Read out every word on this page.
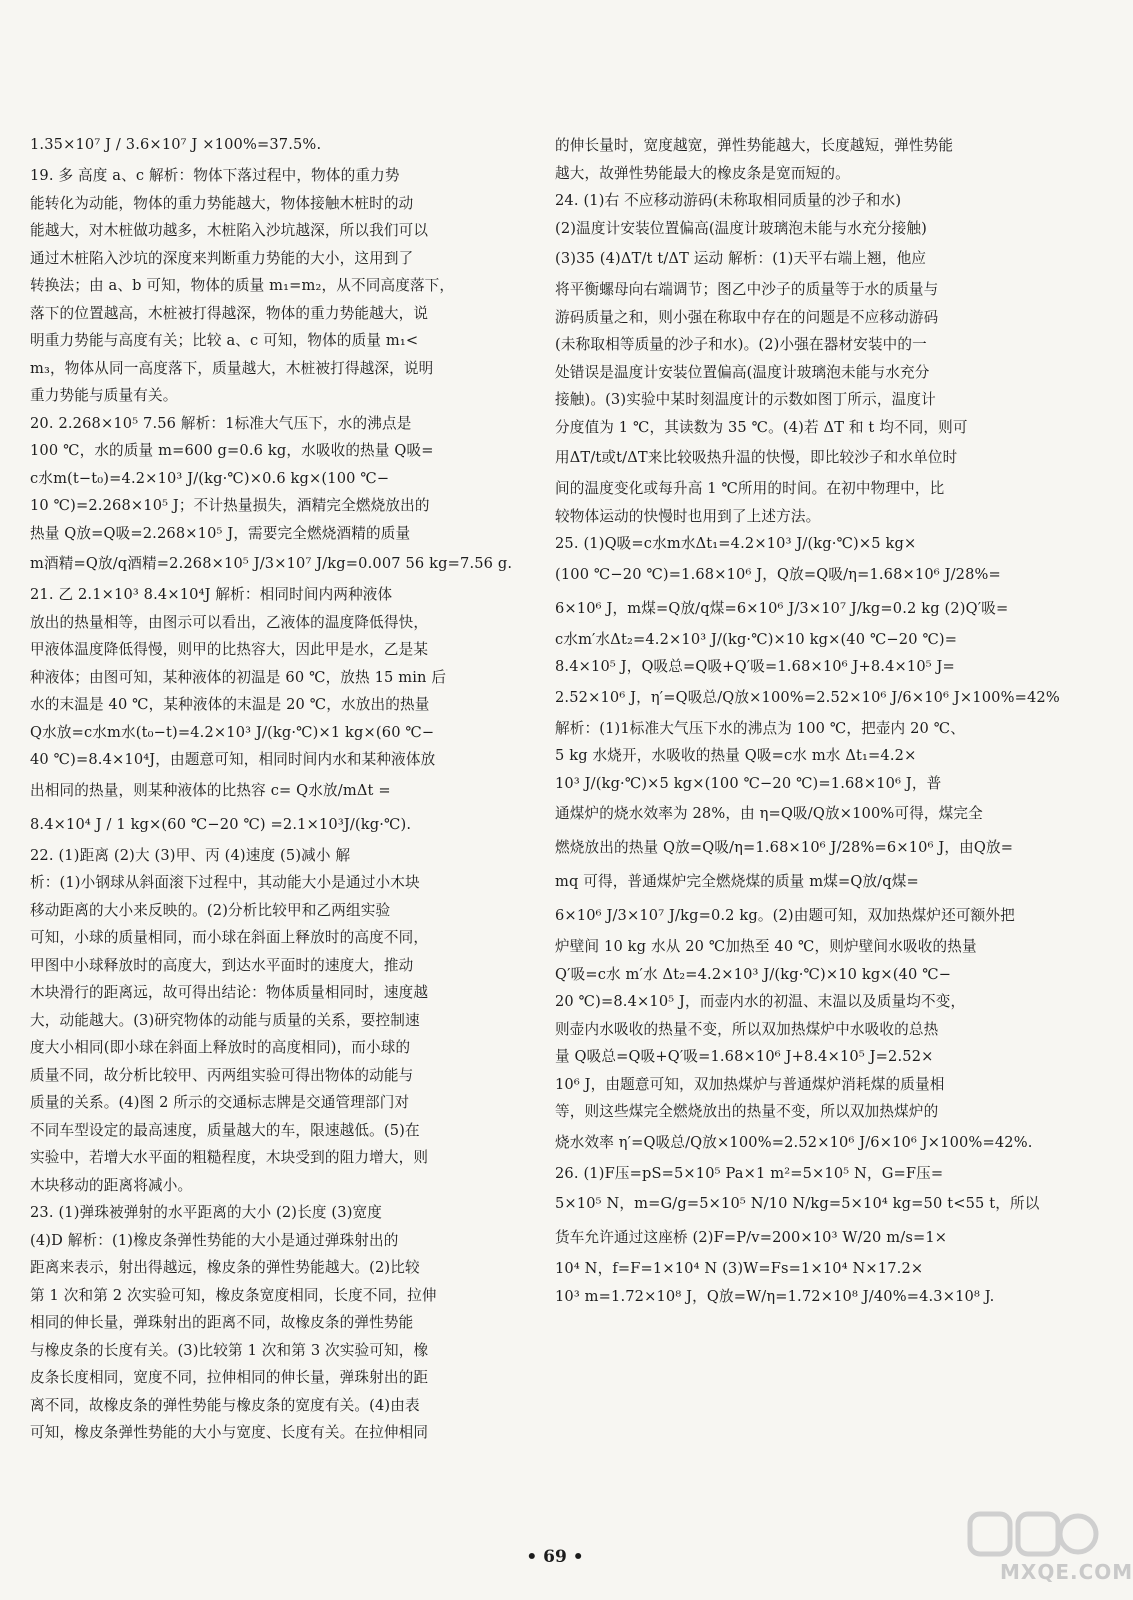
1.35×10⁷ J / 3.6×10⁷ J ×100%=37.5%.
19. 多 高度 a、c 解析：物体下落过程中，物体的重力势
能转化为动能，物体的重力势能越大，物体接触木桩时的动
能越大，对木桩做功越多，木桩陷入沙坑越深，所以我们可以
通过木桩陷入沙坑的深度来判断重力势能的大小，这用到了
转换法；由 a、b 可知，物体的质量 m₁=m₂，从不同高度落下，
落下的位置越高，木桩被打得越深，物体的重力势能越大，说
明重力势能与高度有关；比较 a、c 可知，物体的质量 m₁<
m₃，物体从同一高度落下，质量越大，木桩被打得越深，说明
重力势能与质量有关。
20. 2.268×10⁵ 7.56 解析：1标准大气压下，水的沸点是
100 ℃，水的质量 m=600 g=0.6 kg，水吸收的热量 Q吸=
c水m(t−t₀)=4.2×10³ J/(kg·℃)×0.6 kg×(100 ℃−
10 ℃)=2.268×10⁵ J；不计热量损失，酒精完全燃烧放出的
热量 Q放=Q吸=2.268×10⁵ J，需要完全燃烧酒精的质量
m酒精=Q放/q酒精=2.268×10⁵ J/3×10⁷ J/kg=0.007 56 kg=7.56 g.
21. 乙 2.1×10³ 8.4×10⁴J 解析：相同时间内两种液体
放出的热量相等，由图示可以看出，乙液体的温度降低得快，
甲液体温度降低得慢，则甲的比热容大，因此甲是水，乙是某
种液体；由图可知，某种液体的初温是 60 ℃，放热 15 min 后
水的末温是 40 ℃，某种液体的末温是 20 ℃，水放出的热量
Q水放=c水m水(t₀−t)=4.2×10³ J/(kg·℃)×1 kg×(60 ℃−
40 ℃)=8.4×10⁴J，由题意可知，相同时间内水和某种液体放
出相同的热量，则某种液体的比热容 c= Q水放/mΔt =
8.4×10⁴ J / 1 kg×(60 ℃−20 ℃) =2.1×10³J/(kg·℃).
22. (1)距离 (2)大 (3)甲、丙 (4)速度 (5)减小 解
析：(1)小钢球从斜面滚下过程中，其动能大小是通过小木块
移动距离的大小来反映的。(2)分析比较甲和乙两组实验
可知，小球的质量相同，而小球在斜面上释放时的高度不同，
甲图中小球释放时的高度大，到达水平面时的速度大，推动
木块滑行的距离远，故可得出结论：物体质量相同时，速度越
大，动能越大。(3)研究物体的动能与质量的关系，要控制速
度大小相同(即小球在斜面上释放时的高度相同)，而小球的
质量不同，故分析比较甲、丙两组实验可得出物体的动能与
质量的关系。(4)图 2 所示的交通标志牌是交通管理部门对
不同车型设定的最高速度，质量越大的车，限速越低。(5)在
实验中，若增大水平面的粗糙程度，木块受到的阻力增大，则
木块移动的距离将减小。
23. (1)弹珠被弹射的水平距离的大小 (2)长度 (3)宽度
(4)D 解析：(1)橡皮条弹性势能的大小是通过弹珠射出的
距离来表示，射出得越远，橡皮条的弹性势能越大。(2)比较
第 1 次和第 2 次实验可知，橡皮条宽度相同，长度不同，拉伸
相同的伸长量，弹珠射出的距离不同，故橡皮条的弹性势能
与橡皮条的长度有关。(3)比较第 1 次和第 3 次实验可知，橡
皮条长度相同，宽度不同，拉伸相同的伸长量，弹珠射出的距
离不同，故橡皮条的弹性势能与橡皮条的宽度有关。(4)由表
可知，橡皮条弹性势能的大小与宽度、长度有关。在拉伸相同
的伸长量时，宽度越宽，弹性势能越大，长度越短，弹性势能
越大，故弹性势能最大的橡皮条是宽而短的。
24. (1)右 不应移动游码(未称取相同质量的沙子和水)
(2)温度计安装位置偏高(温度计玻璃泡未能与水充分接触)
(3)35 (4)ΔT/t t/ΔT 运动 解析：(1)天平右端上翘，他应
将平衡螺母向右端调节；图乙中沙子的质量等于水的质量与
游码质量之和，则小强在称取中存在的问题是不应移动游码
(未称取相等质量的沙子和水)。(2)小强在器材安装中的一
处错误是温度计安装位置偏高(温度计玻璃泡未能与水充分
接触)。(3)实验中某时刻温度计的示数如图丁所示，温度计
分度值为 1 ℃，其读数为 35 ℃。(4)若 ΔT 和 t 均不同，则可
用ΔT/t或t/ΔT来比较吸热升温的快慢，即比较沙子和水单位时
间的温度变化或每升高 1 ℃所用的时间。在初中物理中，比
较物体运动的快慢时也用到了上述方法。
25. (1)Q吸=c水m水Δt₁=4.2×10³ J/(kg·℃)×5 kg×
(100 ℃−20 ℃)=1.68×10⁶ J，Q放=Q吸/η=1.68×10⁶ J/28%=
6×10⁶ J，m煤=Q放/q煤=6×10⁶ J/3×10⁷ J/kg=0.2 kg (2)Q′吸=
c水m′水Δt₂=4.2×10³ J/(kg·℃)×10 kg×(40 ℃−20 ℃)=
8.4×10⁵ J，Q吸总=Q吸+Q′吸=1.68×10⁶ J+8.4×10⁵ J=
2.52×10⁶ J，η′=Q吸总/Q放×100%=2.52×10⁶ J/6×10⁶ J×100%=42%
解析：(1)1标准大气压下水的沸点为 100 ℃，把壶内 20 ℃、
5 kg 水烧开，水吸收的热量 Q吸=c水 m水 Δt₁=4.2×
10³ J/(kg·℃)×5 kg×(100 ℃−20 ℃)=1.68×10⁶ J，普
通煤炉的烧水效率为 28%，由 η=Q吸/Q放×100%可得，煤完全
燃烧放出的热量 Q放=Q吸/η=1.68×10⁶ J/28%=6×10⁶ J，由Q放=
mq 可得，普通煤炉完全燃烧煤的质量 m煤=Q放/q煤=
6×10⁶ J/3×10⁷ J/kg=0.2 kg。(2)由题可知，双加热煤炉还可额外把
炉壁间 10 kg 水从 20 ℃加热至 40 ℃，则炉壁间水吸收的热量
Q′吸=c水 m′水 Δt₂=4.2×10³ J/(kg·℃)×10 kg×(40 ℃−
20 ℃)=8.4×10⁵ J，而壶内水的初温、末温以及质量均不变，
则壶内水吸收的热量不变，所以双加热煤炉中水吸收的总热
量 Q吸总=Q吸+Q′吸=1.68×10⁶ J+8.4×10⁵ J=2.52×
10⁶ J，由题意可知，双加热煤炉与普通煤炉消耗煤的质量相
等，则这些煤完全燃烧放出的热量不变，所以双加热煤炉的
烧水效率 η′=Q吸总/Q放×100%=2.52×10⁶ J/6×10⁶ J×100%=42%.
26. (1)F压=pS=5×10⁵ Pa×1 m²=5×10⁵ N，G=F压=
5×10⁵ N，m=G/g=5×10⁵ N/10 N/kg=5×10⁴ kg=50 t<55 t，所以
货车允许通过这座桥 (2)F=P/v=200×10³ W/20 m/s=1×
10⁴ N，f=F=1×10⁴ N (3)W=Fs=1×10⁴ N×17.2×
10³ m=1.72×10⁸ J，Q放=W/η=1.72×10⁸ J/40%=4.3×10⁸ J.
• 69 •
MXQE.COM
